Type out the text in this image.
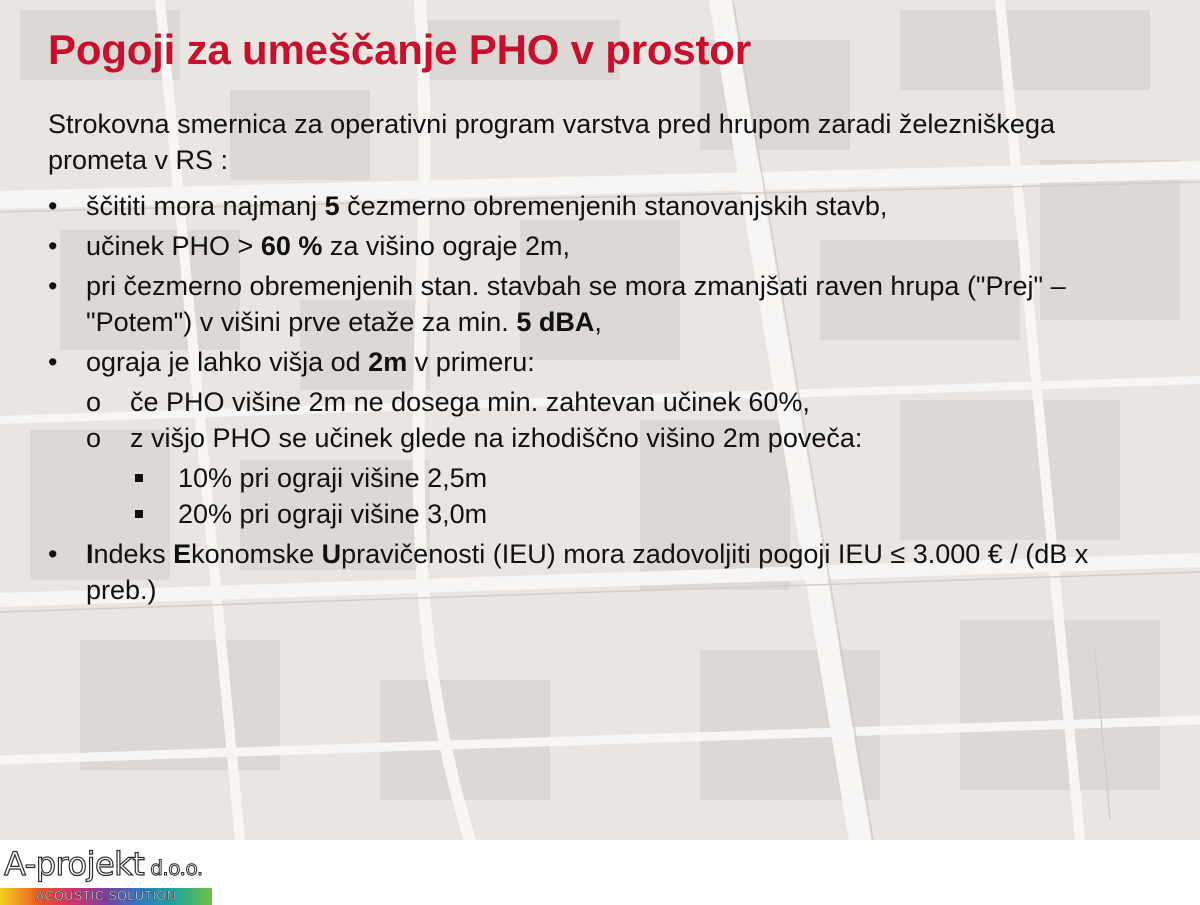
Pogoji za umeščanje PHO v prostor

Strokovna smernica za operativni program varstva pred hrupom zaradi železniškega prometa v RS :

•	ščititi mora najmanj 5 čezmerno obremenjenih stanovanjskih stavb,
•	učinek PHO > 60 % za višino ograje 2m,
•	pri čezmerno obremenjenih stan. stavbah se mora zmanjšati raven hrupa ("Prej" – "Potem") v višini prve etaže za min. 5 dBA,
•	ograja je lahko višja od 2m v primeru:
o če PHO višine 2m ne dosega min. zahtevan učinek 60%,
o z višjo PHO se učinek glede na izhodiščno višino 2m poveča:
10% pri ograji višine 2,5m
20% pri ograji višine 3,0m
•	Indeks Ekonomske Upravičenosti (IEU) mora zadovoljiti pogoji IEU ≤ 3.000 € / (dB x preb.)
A-projekt d.o.o.
ACOUSTIC SOLUTION
